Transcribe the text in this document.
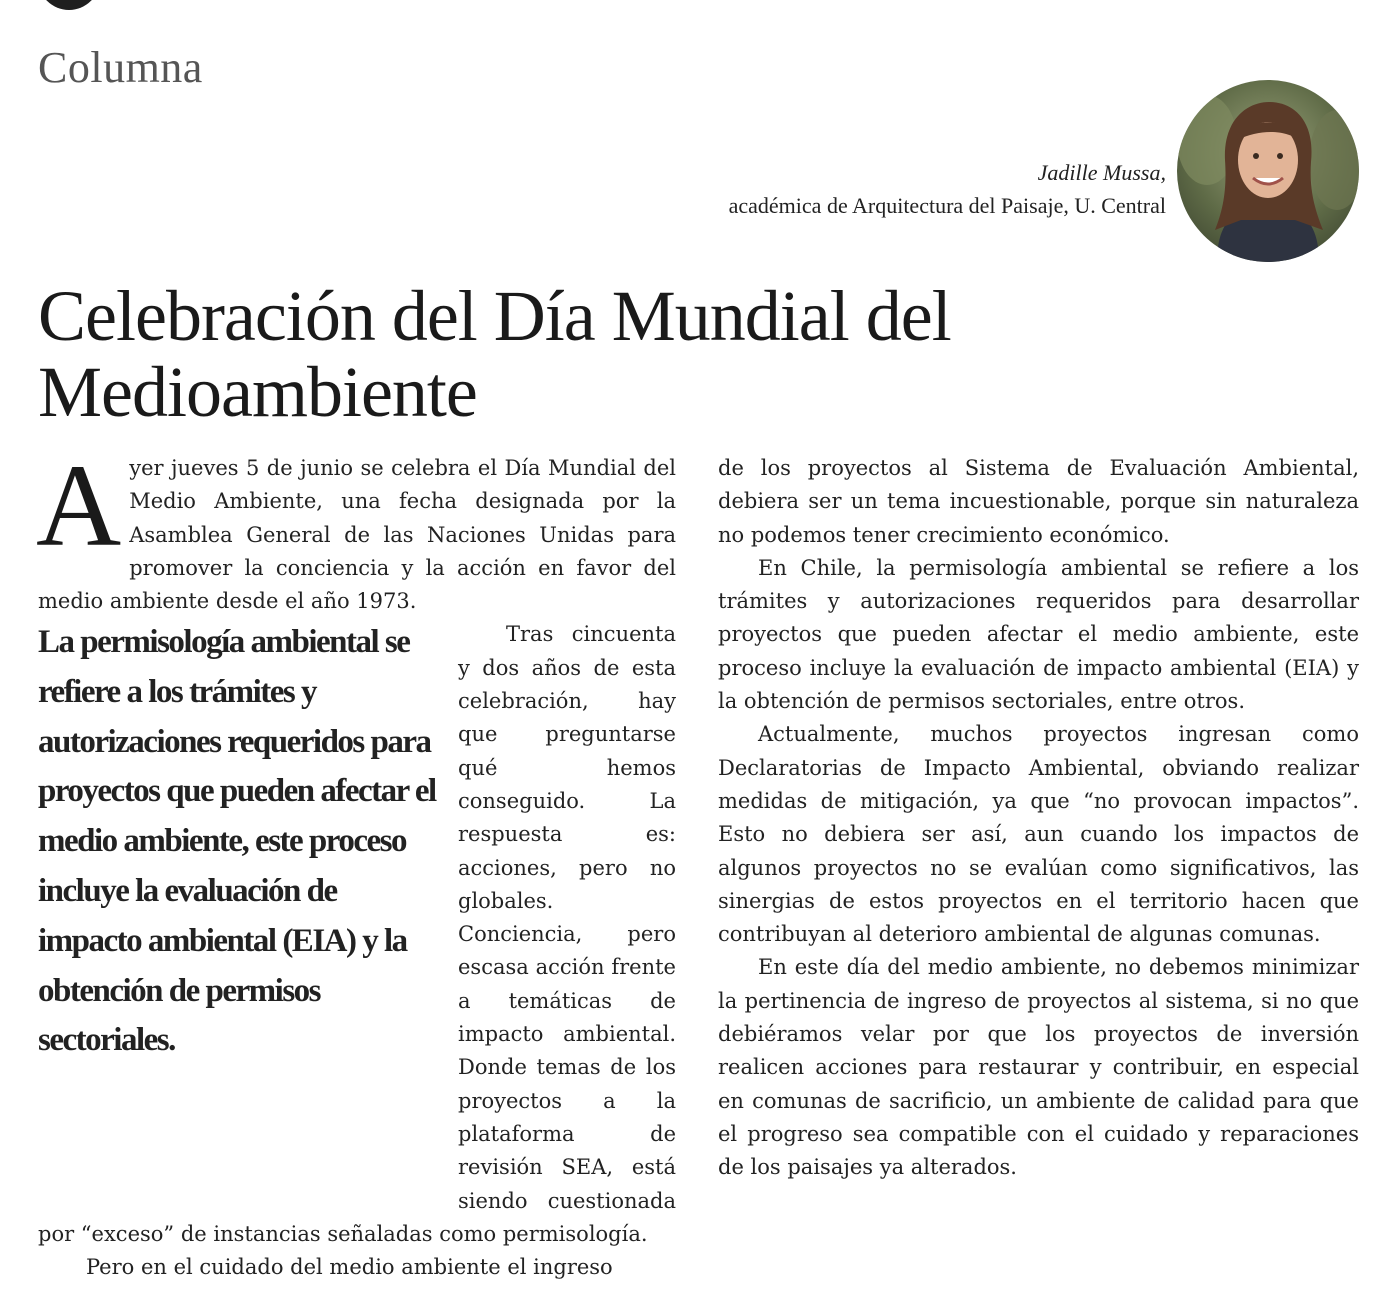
Columna
Jadille Mussa,
académica de Arquitectura del Paisaje, U. Central
Celebración del Día Mundial del Medioambiente
A yer jueves 5 de junio se celebra el Día Mundial del Medio Ambiente, una fecha designada por la Asamblea General de las Naciones Unidas para promover la conciencia y la acción en favor del medio ambiente desde el año 1973.

Tras cincuenta y dos años de esta celebración, hay que preguntarse qué hemos conseguido. La respuesta es: acciones, pero no globales. Conciencia, pero escasa acción frente a temáticas de impacto ambiental. Donde temas de los proyectos a la plataforma de revisión SEA, está siendo cuestionada por “exceso” de instancias señaladas como permisología.

Pero en el cuidado del medio ambiente el ingreso

La permisología ambiental se refiere a los trámites y autorizaciones requeridos para proyectos que pueden afectar el medio ambiente, este proceso incluye la evaluación de impacto ambiental (EIA) y la obtención de permisos sectoriales.

de los proyectos al Sistema de Evaluación Ambiental, debiera ser un tema incuestionable, porque sin naturaleza no podemos tener crecimiento económico.

En Chile, la permisología ambiental se refiere a los trámites y autorizaciones requeridos para desarrollar proyectos que pueden afectar el medio ambiente, este proceso incluye la evaluación de impacto ambiental (EIA) y la obtención de permisos sectoriales, entre otros.

Actualmente, muchos proyectos ingresan como Declaratorias de Impacto Ambiental, obviando realizar medidas de mitigación, ya que “no provocan impactos”. Esto no debiera ser así, aun cuando los impactos de algunos proyectos no se evalúan como significativos, las sinergias de estos proyectos en el territorio hacen que contribuyan al deterioro ambiental de algunas comunas.

En este día del medio ambiente, no debemos minimizar la pertinencia de ingreso de proyectos al sistema, si no que debiéramos velar por que los proyectos de inversión realicen acciones para restaurar y contribuir, en especial en comunas de sacrificio, un ambiente de calidad para que el progreso sea compatible con el cuidado y reparaciones de los paisajes ya alterados.
